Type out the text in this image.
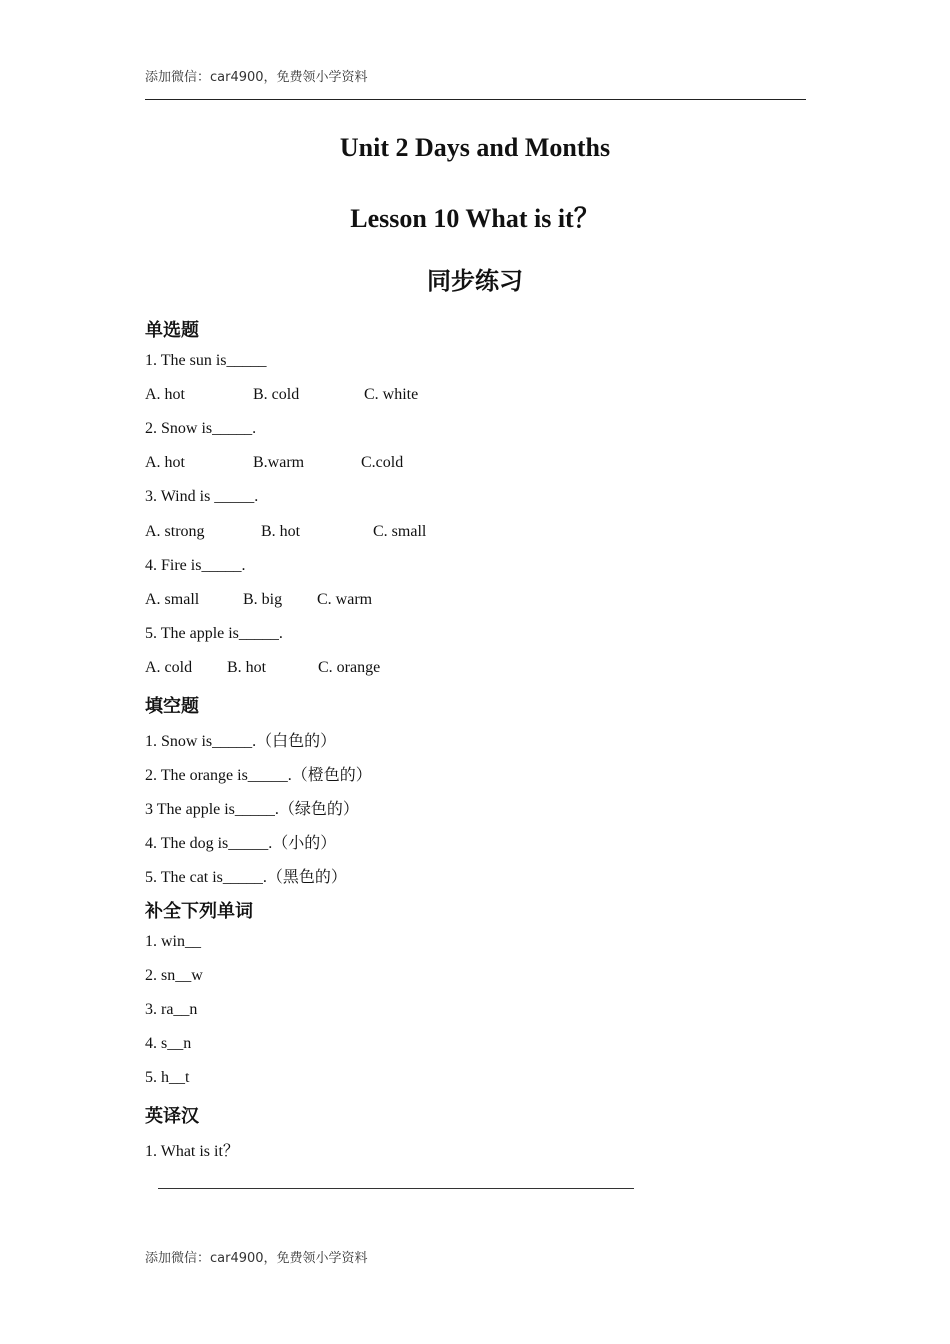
添加微信：car4900，免费领小学资料
Unit 2 Days and Months
Lesson 10 What is it？
同步练习
单选题
1. The sun is_____
A. hot	B. cold	C. white
2. Snow is_____.
A. hot	B.warm	C.cold
3. Wind is _____.
A. strong	B. hot	C. small
4. Fire is_____.
A. small	B. big C. warm
5. The apple is_____.
A. cold B. hot	C. orange
填空题
1. Snow is_____.（白色的）
2. The orange is_____.（橙色的）
3 The apple is_____.（绿色的）
4. The dog is_____.（小的）
5. The cat is_____.（黑色的）
补全下列单词
1. win__
2. sn__w
3. ra__n
4. s__n
5. h__t
英译汉
1. What is it？
添加微信：car4900，免费领小学资料
